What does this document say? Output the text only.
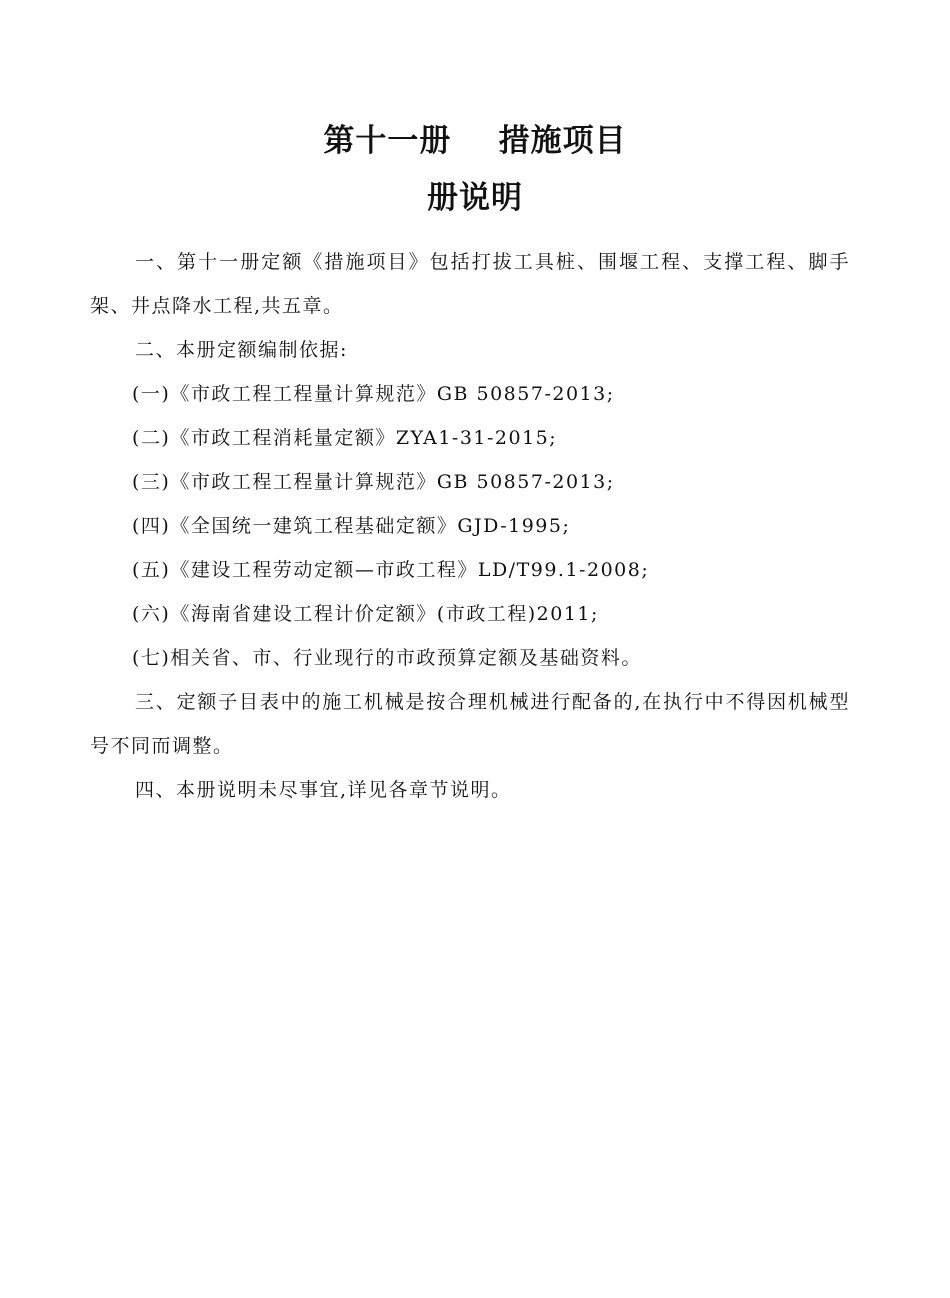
第十一册    措施项目
册说明

一、第十一册定额《措施项目》包括打拔工具桩、围堰工程、支撑工程、脚手架、井点降水工程,共五章。

二、本册定额编制依据:

(一)《市政工程工程量计算规范》GB 50857-2013;

(二)《市政工程消耗量定额》ZYA1-31-2015;

(三)《市政工程工程量计算规范》GB 50857-2013;

(四)《全国统一建筑工程基础定额》GJD-1995;

(五)《建设工程劳动定额—市政工程》LD/T99.1-2008;

(六)《海南省建设工程计价定额》(市政工程)2011;

(七)相关省、市、行业现行的市政预算定额及基础资料。

三、定额子目表中的施工机械是按合理机械进行配备的,在执行中不得因机械型号不同而调整。

四、本册说明未尽事宜,详见各章节说明。
